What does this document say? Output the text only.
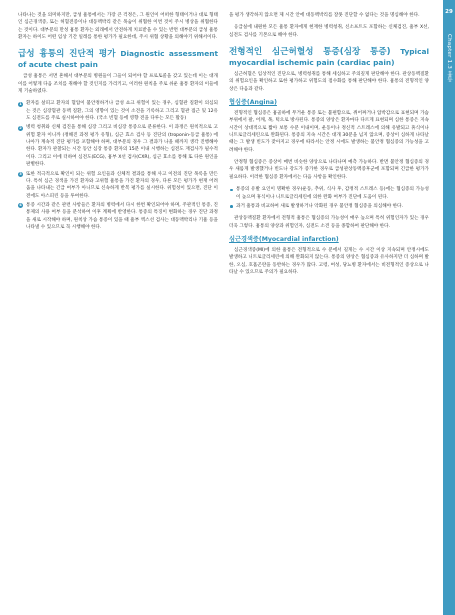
나타나는 것을 의미하지만, 급성 흉통에서는 가장 큰 걱정은, 그 원인이 어떠한 형태이거나 대로 형태인 심근경색증, 또는 허혈전증이나 대동맥박리 같은 목숨이 위협한 이번 것이 주시 병상을 위협한다는 것이다. 대부분의 만성 흉통 환자는 외래에서 안전하게 치료받을 수 있는 반면 대부분의 급성 흉통 환자는 하이도 어떤 임상 기간 일레를 통한 평가가 필요한데, 주시 위협 상황을 의해야기 위해서이다.

급성 흉통의 진단적 평가 Diagnostic assessment of acute chest pain

급성 흉통은 서면 흔해서 대부분의 병원들이 그들이 되어야 할 프로토콜을 갖고 있는데 이는 대개 이를 어떻게 다음 조치를 취해야 할 것인지를 가리키고, 이러한 원칙을 주로 쉬운 흉통 환자의 이들에게 기술하였다.

1 환자를 살피고 환자의 혈압이 불안정하거나 급성 쇼크 위험이 있는 경우, 심혈관 질환이 의심되는 것은 심장혈관 동맥 질환, 그의 영향이 있는 것이 소견을 기록하고 그리고 혈관 접근 및 12유도 심전도를 주로 실시하여야 한다. (국소 빈혈 등에 영향 전을 다루는 모든 활동)
2 병력 청취와 신체 검진을 통해 심장 그리고 비심장 통증으로 분류한다. 이 과정은 원칙적으로 고위험 환자 이니까 (정해진 과정 평가 유형), 심근 효소 검사 등 진단의 (troponin·등급 흉통) 에 나아가 계속적 진단 평가를 포함해야 하며, 대부분의 경우 그 결과가 나올 때까지 생각 진행해야 한다. 환자가 관찰되는 시간 동안 심장 통증 환자의 15분 이내 시행하는 심전도 재검사가 필수적이다. 그리고 이에 더하여 심전도(ECG), 흉부 X선 검사(CXR), 심근 효소를 통해 또 다른 원인을 판별한다.
3 또한 적극적으로 확인이 되는 위험 요인들과 신체적 결과를 통해 사고 이전의 진단 목록을 만든다. 특히 심근 경색을 가진 환자와 고위험 흉통을 가진 환자의 경우, 다른 모든 평가가 현재 어려움을 나타내는 긴급 여부가 아니므로 신속하게 반복 평가를 실시한다. 위험성이 있으면, 진단 이전에도 아스피린 등을 투여한다.
4 통증 시간과 같은 관련 사항들은 환자의 병력에서 다시 한번 확인되어야 하며, 주관적인 통증, 진통제의 사용 여부 등을 분석하여 이후 계획에 반영한다. 통증의 특징이 변화하는 경우 진단 과정을 새로 시작해야 하며, 원칙상 가슴 통증이 있을 때 흉부 엑스선 검사는 대동맥박리나 기흉 등을 나타낼 수 있으므로 꼭 시행해야 한다.

을 평가 생각하지 않으면 제 시간 안에 대동맥박리를 잘못 진단할 수 없다는 것을 명심해야 한다.

응급실에 내원한 모든 흉통 환자에게 현재한 병력청취, 신소프트도 포함하는 신체검진, 흉부 X선, 심전도 검사를 기본으로 해야 한다.

전형적인 심근허혈성 통증(심장 통증) Typical myocardial ischemic pain (cardiac pain)

심근허혈은 임상적인 진단으로, 병력청취를 통해 세심하고 주의깊게 판단해야 한다. 관상동맥질환의 위험요인을 확인하고 또한 평가하고 위험도의 점수화를 통해 판단해야 한다. 흉통의 전형적인 양상은 다음과 같다.

협심증(Angina)

전형적인 협심증은 흉골하에 무거운 통증 또는 불편함으로, 쥐어짜거나 압박감으로 표현되며 가슴 부위에서 팔, 어깨, 목, 턱으로 방사된다. 통증의 양상은 환자마다 다르게 표현되며 심한 통증은 지속 시간이 상대적으로 짧아 보통 수분 이내이며, 운동이나 정신적 스트레스에 의해 유발되고 휴식이나 니트로글리세린으로 완화된다. 통증의 지속 시간은 대개 30분을 넘지 않으며, 증상이 심하게 나타날 때는 그 발생 빈도가 잦아지고 경우에 따라서는 안정 시에도 발생하는 불안정 협심증의 가능성을 고려해야 한다.

안정형 협심증은 증상이 매번 비슷한 양상으로 나타나며 예측 가능하다. 반면 불안정 협심증의 경우 새롭게 발생했거나 빈도나 강도가 증가한 경우로 급성관상동맥증후군에 포함되며 긴급한 평가가 필요하다. 이러한 협심증 환자에서는 다음 사항을 확인한다.

통증의 유발 요인이 명확한 경우(운동, 추위, 식사 후, 감정적 스트레스 등)에는 협심증의 가능성이 높으며 휴식이나 니트로글리세린에 의한 완화 여부가 진단에 도움이 된다.
과거 흉통과 비교하여 새로 발생하거나 악화된 경우 불안정 협심증을 의심해야 한다.

관상동맥질환 환자에서 전형적 흉통은 협심증의 가능성이 매우 높으며 특히 위험인자가 있는 경우 더욱 그렇다. 흉통의 양상과 위험인자, 심전도 소견 등을 종합하여 판단해야 한다.

심근경색증(Myocardial infarction)

심근경색증(MI)에 의한 흉통은 전형적으로 수 분에서 길게는 수 시간 이상 지속되며 안정시에도 발생하고 니트로글리세린에 의해 완화되지 않는다. 통증의 양상은 협심증과 유사하지만 더 심하며 발한, 오심, 호흡곤란을 동반하는 경우가 많다. 고령, 여성, 당뇨병 환자에서는 비전형적인 증상으로 나타날 수 있으므로 주의가 필요하다.

29
Chapter 1.3 흉통
